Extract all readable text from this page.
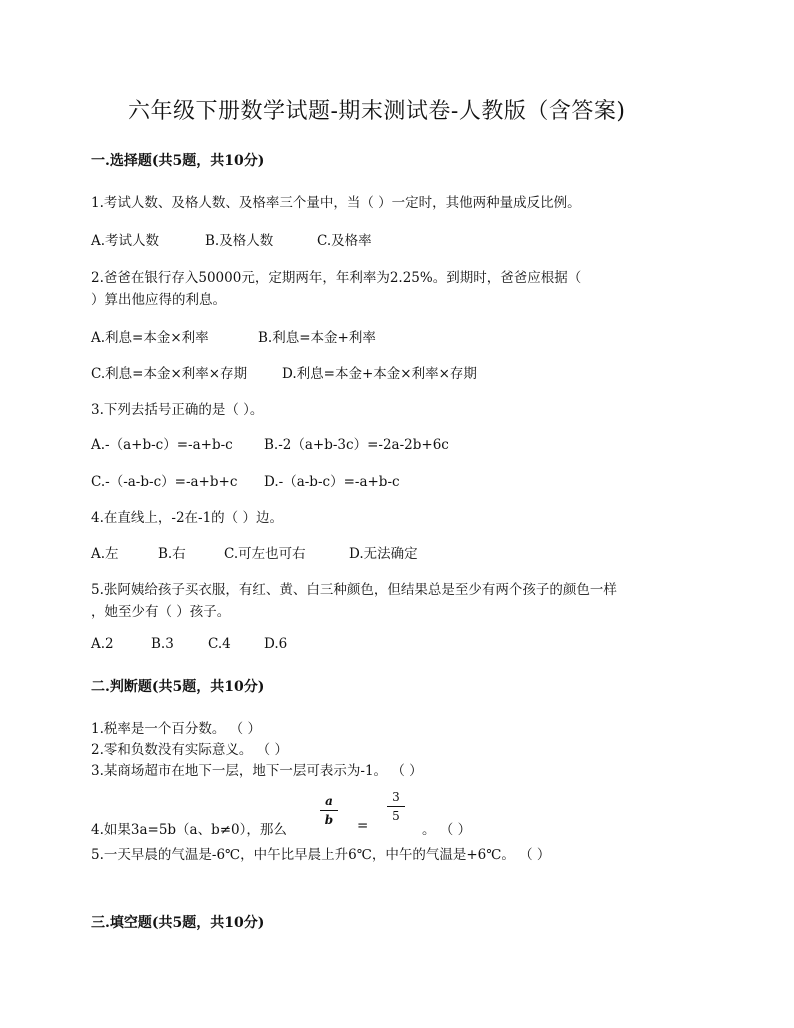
六年级下册数学试题-期末测试卷-人教版（含答案)
一.选择题(共5题，共10分)
1.考试人数、及格人数、及格率三个量中，当（ ）一定时，其他两种量成反比例。
A.考试人数	B.及格人数	C.及格率
2.爸爸在银行存入50000元，定期两年，年利率为2.25%。到期时，爸爸应根据（
）算出他应得的利息。
A.利息=本金×利率	B.利息=本金+利率
C.利息=本金×利率×存期	D.利息=本金+本金×利率×存期
3.下列去括号正确的是（ ）。
A.-（a+b-c）=-a+b-c B.-2（a+b-3c）=-2a-2b+6c
C.-（-a-b-c）=-a+b+c D.-（a-b-c）=-a+b-c
4.在直线上，-2在-1的（ ）边。
A.左	B.右	C.可左也可右	D.无法确定
5.张阿姨给孩子买衣服，有红、黄、白三种颜色，但结果总是至少有两个孩子的颜色一样
，她至少有（ ）孩子。
A.2	B.3	C.4 D.6
二.判断题(共5题，共10分)
1.税率是一个百分数。 （ ）
2.零和负数没有实际意义。 （ ）
3.某商场超市在地下一层，地下一层可表示为-1。 （ ）
4.如果3a=5b（a、b≠0），那么
a
b	=
3
5
。 （ ）
5.一天早晨的气温是-6℃，中午比早晨上升6℃，中午的气温是+6℃。 （ ）
三.填空题(共5题，共10分)
